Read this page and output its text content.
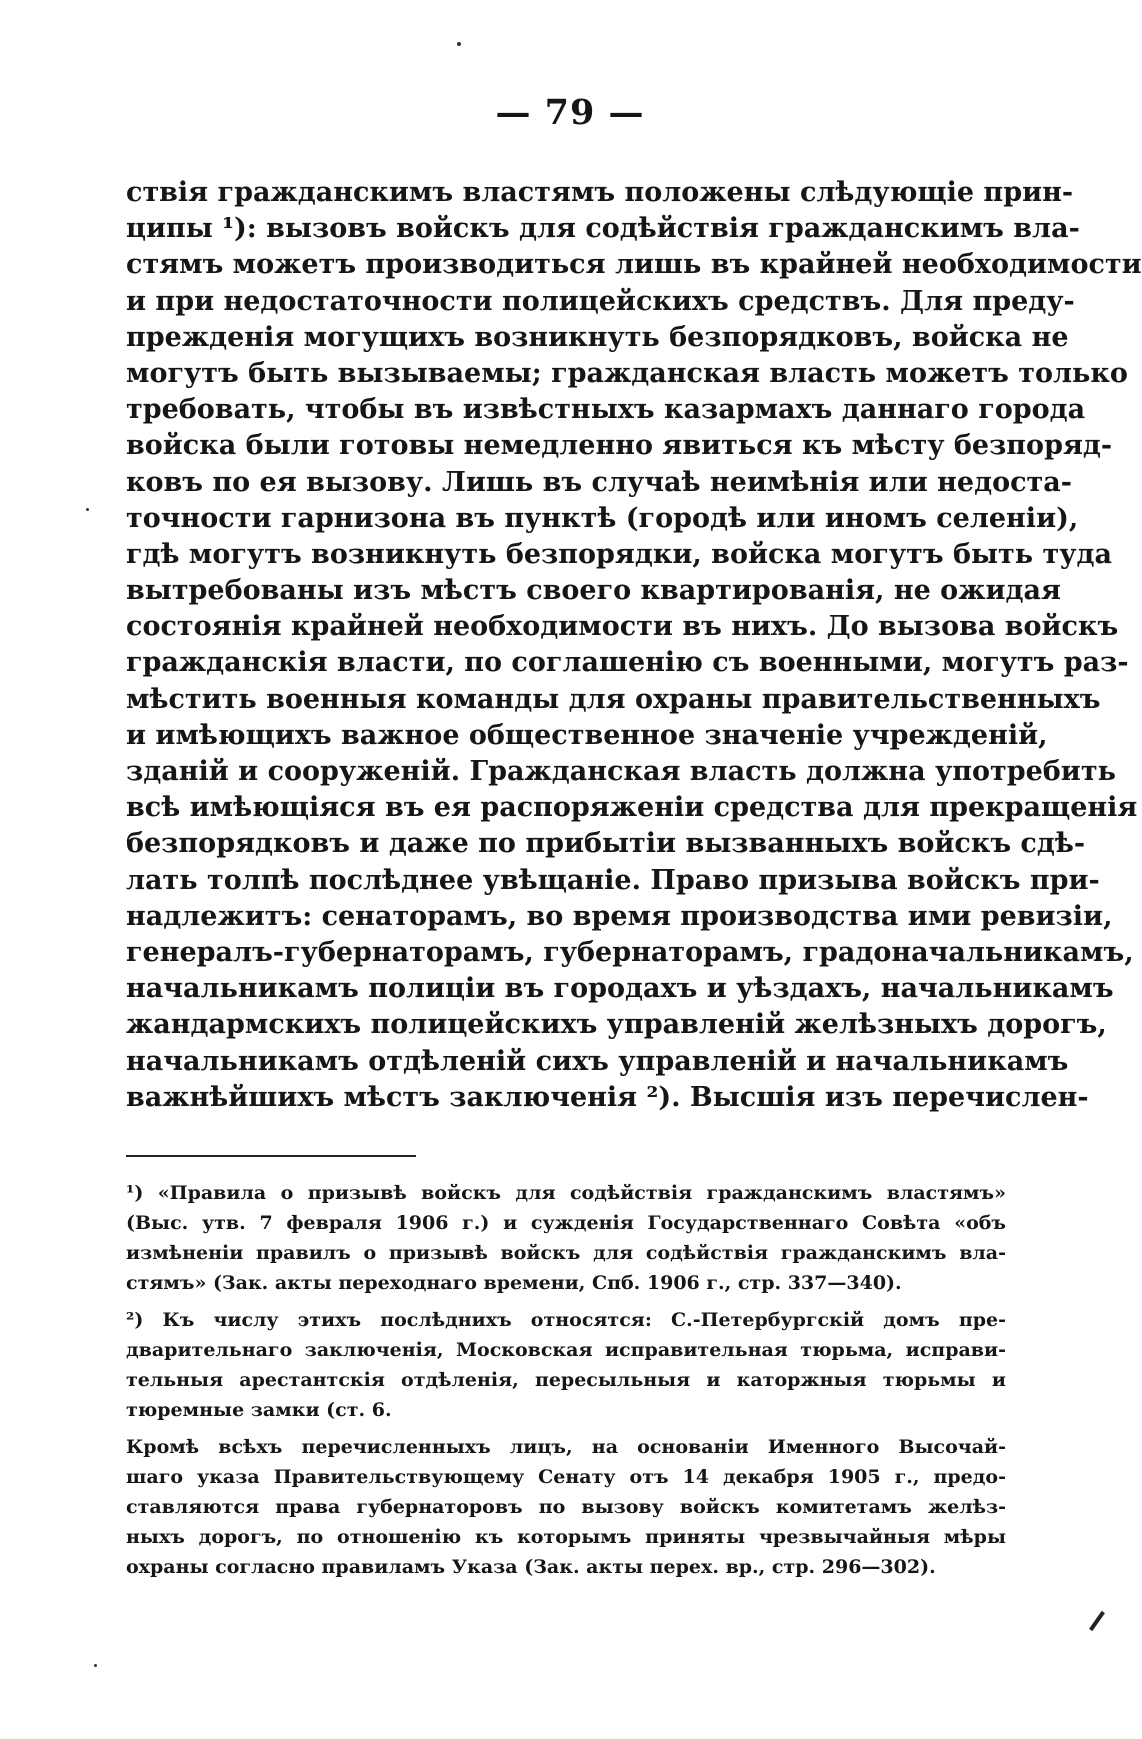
— 79 —
ствія гражданскимъ властямъ положены слѣдующіе прин-
ципы ¹): вызовъ войскъ для содѣйствія гражданскимъ вла-
стямъ можетъ производиться лишь въ крайней необходимости
и при недостаточности полицейскихъ средствъ. Для преду-
прежденія могущихъ возникнуть безпорядковъ, войска не
могутъ быть вызываемы; гражданская власть можетъ только
требовать, чтобы въ извѣстныхъ казармахъ даннаго города
войска были готовы немедленно явиться къ мѣсту безпоряд-
ковъ по ея вызову. Лишь въ случаѣ неимѣнія или недоста-
точности гарнизона въ пунктѣ (городѣ или иномъ селеніи),
гдѣ могутъ возникнуть безпорядки, войска могутъ быть туда
вытребованы изъ мѣстъ своего квартированія, не ожидая
состоянія крайней необходимости въ нихъ. До вызова войскъ
гражданскія власти, по соглашенію съ военными, могутъ раз-
мѣстить военныя команды для охраны правительственныхъ
и имѣющихъ важное общественное значеніе учрежденій,
зданій и сооруженій. Гражданская власть должна употребить
всѣ имѣющіяся въ ея распоряженіи средства для прекращенія
безпорядковъ и даже по прибытіи вызванныхъ войскъ сдѣ-
лать толпѣ послѣднее увѣщаніе. Право призыва войскъ при-
надлежитъ: сенаторамъ, во время производства ими ревизіи,
генералъ-губернаторамъ, губернаторамъ, градоначальникамъ,
начальникамъ полиціи въ городахъ и уѣздахъ, начальникамъ
жандармскихъ полицейскихъ управленій желѣзныхъ дорогъ,
начальникамъ отдѣленій сихъ управленій и начальникамъ
важнѣйшихъ мѣстъ заключенія ²). Высшія изъ перечислен-
¹) «Правила о призывѣ войскъ для содѣйствія гражданскимъ властямъ»
(Выс. утв. 7 февраля 1906 г.) и сужденія Государственнаго Совѣта «объ
измѣненіи правилъ о призывѣ войскъ для содѣйствія гражданскимъ вла-
стямъ» (Зак. акты переходнаго времени, Спб. 1906 г., стр. 337—340).
²) Къ числу этихъ послѣднихъ относятся: С.-Петербургскій домъ пре-
дварительнаго заключенія, Московская исправительная тюрьма, исправи-
тельныя арестантскія отдѣленія, пересыльныя и каторжныя тюрьмы и
тюремные замки (ст. 6.
Кромѣ всѣхъ перечисленныхъ лицъ, на основаніи Именного Высочай-
шаго указа Правительствующему Сенату отъ 14 декабря 1905 г., предо-
ставляются права губернаторовъ по вызову войскъ комитетамъ желѣз-
ныхъ дорогъ, по отношенію къ которымъ приняты чрезвычайныя мѣры
охраны согласно правиламъ Указа (Зак. акты перех. вр., стр. 296—302).
